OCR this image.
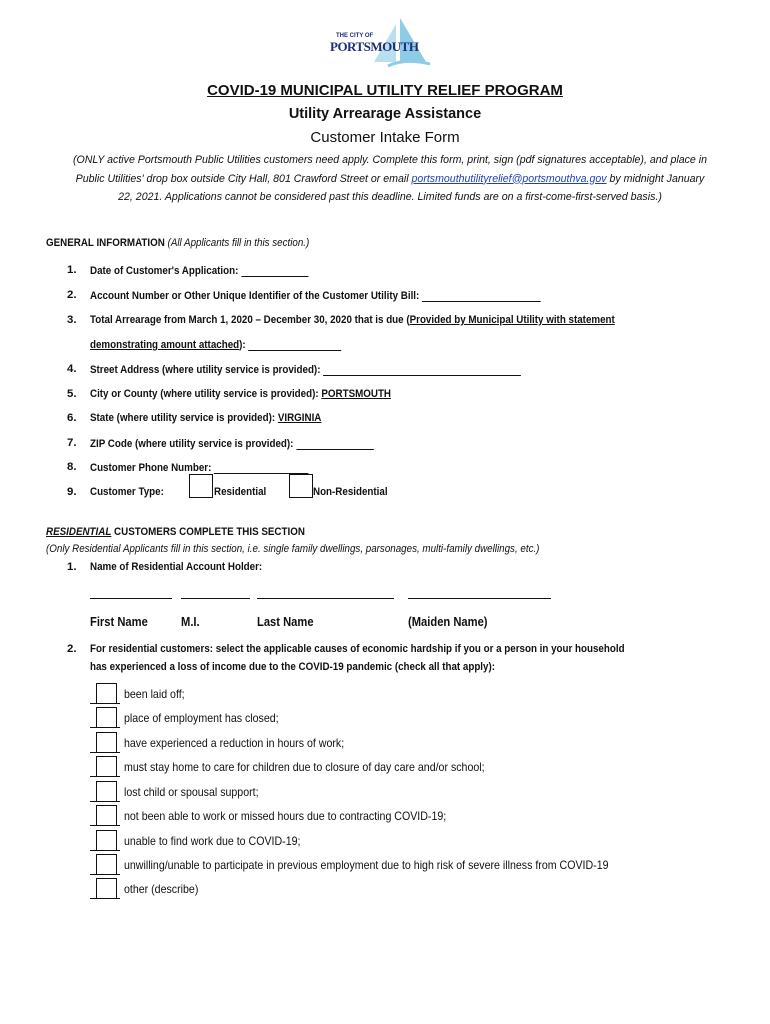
THE CITY OF
PORTSMOUTH
COVID-19 MUNICIPAL UTILITY RELIEF PROGRAM
Utility Arrearage Assistance
Customer Intake Form
(ONLY active Portsmouth Public Utilities customers need apply. Complete this form, print, sign (pdf signatures acceptable), and place in Public Utilities' drop box outside City Hall, 801 Crawford Street or email portsmouthutilityrelief@portsmouthva.gov by midnight January 22, 2021. Applications cannot be considered past this deadline. Limited funds are on a first-come-first-served basis.)
GENERAL INFORMATION (All Applicants fill in this section.)
1. Date of Customer's Application:
2. Account Number or Other Unique Identifier of the Customer Utility Bill:
3. Total Arrearage from March 1, 2020 – December 30, 2020 that is due (Provided by Municipal Utility with statement
demonstrating amount attached):
4. Street Address (where utility service is provided):
5. City or County (where utility service is provided): PORTSMOUTH
6. State (where utility service is provided): VIRGINIA
7. ZIP Code (where utility service is provided):
8. Customer Phone Number:
9. Customer Type:	Residential	Non-Residential
RESIDENTIAL CUSTOMERS COMPLETE THIS SECTION
(Only Residential Applicants fill in this section, i.e. single family dwellings, parsonages, multi-family dwellings, etc.)
1. Name of Residential Account Holder:
First Name	M.I.	Last Name	(Maiden Name)
2. For residential customers: select the applicable causes of economic hardship if you or a person in your household
has experienced a loss of income due to the COVID-19 pandemic (check all that apply):
been laid off;
place of employment has closed;
have experienced a reduction in hours of work;
must stay home to care for children due to closure of day care and/or school;
lost child or spousal support;
not been able to work or missed hours due to contracting COVID-19;
unable to find work due to COVID-19;
unwilling/unable to participate in previous employment due to high risk of severe illness from COVID-19
other (describe)
